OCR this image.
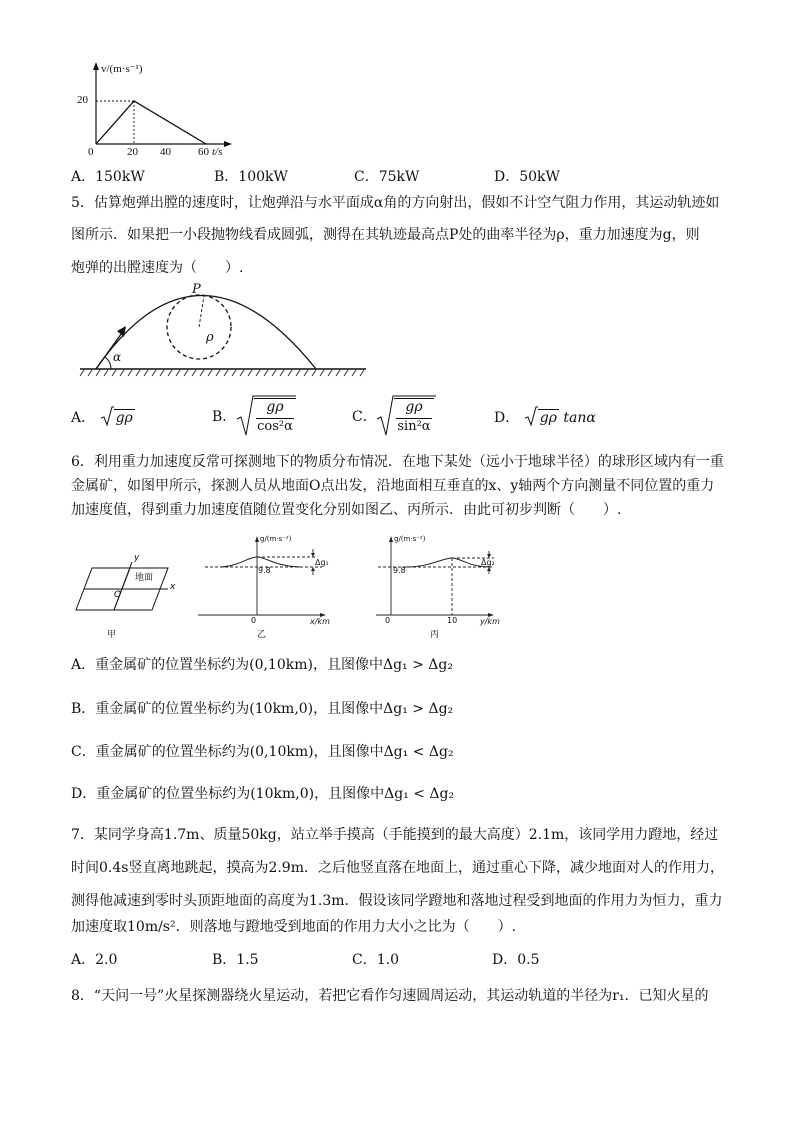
v/(m·s⁻¹)
20
0	20 40 60 t/s
A．150kW	B．100kW	C．75kW	D．50kW
5．估算炮弹出膛的速度时，让炮弹沿与水平面成α角的方向射出，假如不计空气阻力作用，其运动轨迹如
图所示．如果把一小段抛物线看成圆弧，测得在其轨迹最高点P处的曲率半径为ρ，重力加速度为g，则
炮弹的出膛速度为（　　）.
P
ρ
α
A． gρ	B．
gρ
cos²α
C．
gρ
sin²α
D． gρ tanα
6．利用重力加速度反常可探测地下的物质分布情况．在地下某处（远小于地球半径）的球形区域内有一重
金属矿，如图甲所示，探测人员从地面O点出发，沿地面相互垂直的x、y轴两个方向测量不同位置的重力
加速度值，得到重力加速度值随位置变化分别如图乙、丙所示．由此可初步判断（　　）.
地面
O
x
y
甲
g/(m·s⁻²)
9.8
0	x/km
Δg₁
乙
g/(m·s⁻²)
9.8
0	10	y/km
Δg₂
丙
A．重金属矿的位置坐标约为(0,10km)，且图像中Δg₁ > Δg₂
B．重金属矿的位置坐标约为(10km,0)，且图像中Δg₁ > Δg₂
C．重金属矿的位置坐标约为(0,10km)，且图像中Δg₁ < Δg₂
D．重金属矿的位置坐标约为(10km,0)，且图像中Δg₁ < Δg₂
7．某同学身高1.7m、质量50kg，站立举手摸高（手能摸到的最大高度）2.1m，该同学用力蹬地，经过
时间0.4s竖直离地跳起，摸高为2.9m．之后他竖直落在地面上，通过重心下降，减少地面对人的作用力，
测得他减速到零时头顶距地面的高度为1.3m．假设该同学蹬地和落地过程受到地面的作用力为恒力，重力
加速度取10m/s²．则落地与蹬地受到地面的作用力大小之比为（　　）.
A．2.0	B．1.5	C．1.0	D．0.5
8．“天问一号”火星探测器绕火星运动，若把它看作匀速圆周运动，其运动轨道的半径为r₁．已知火星的
